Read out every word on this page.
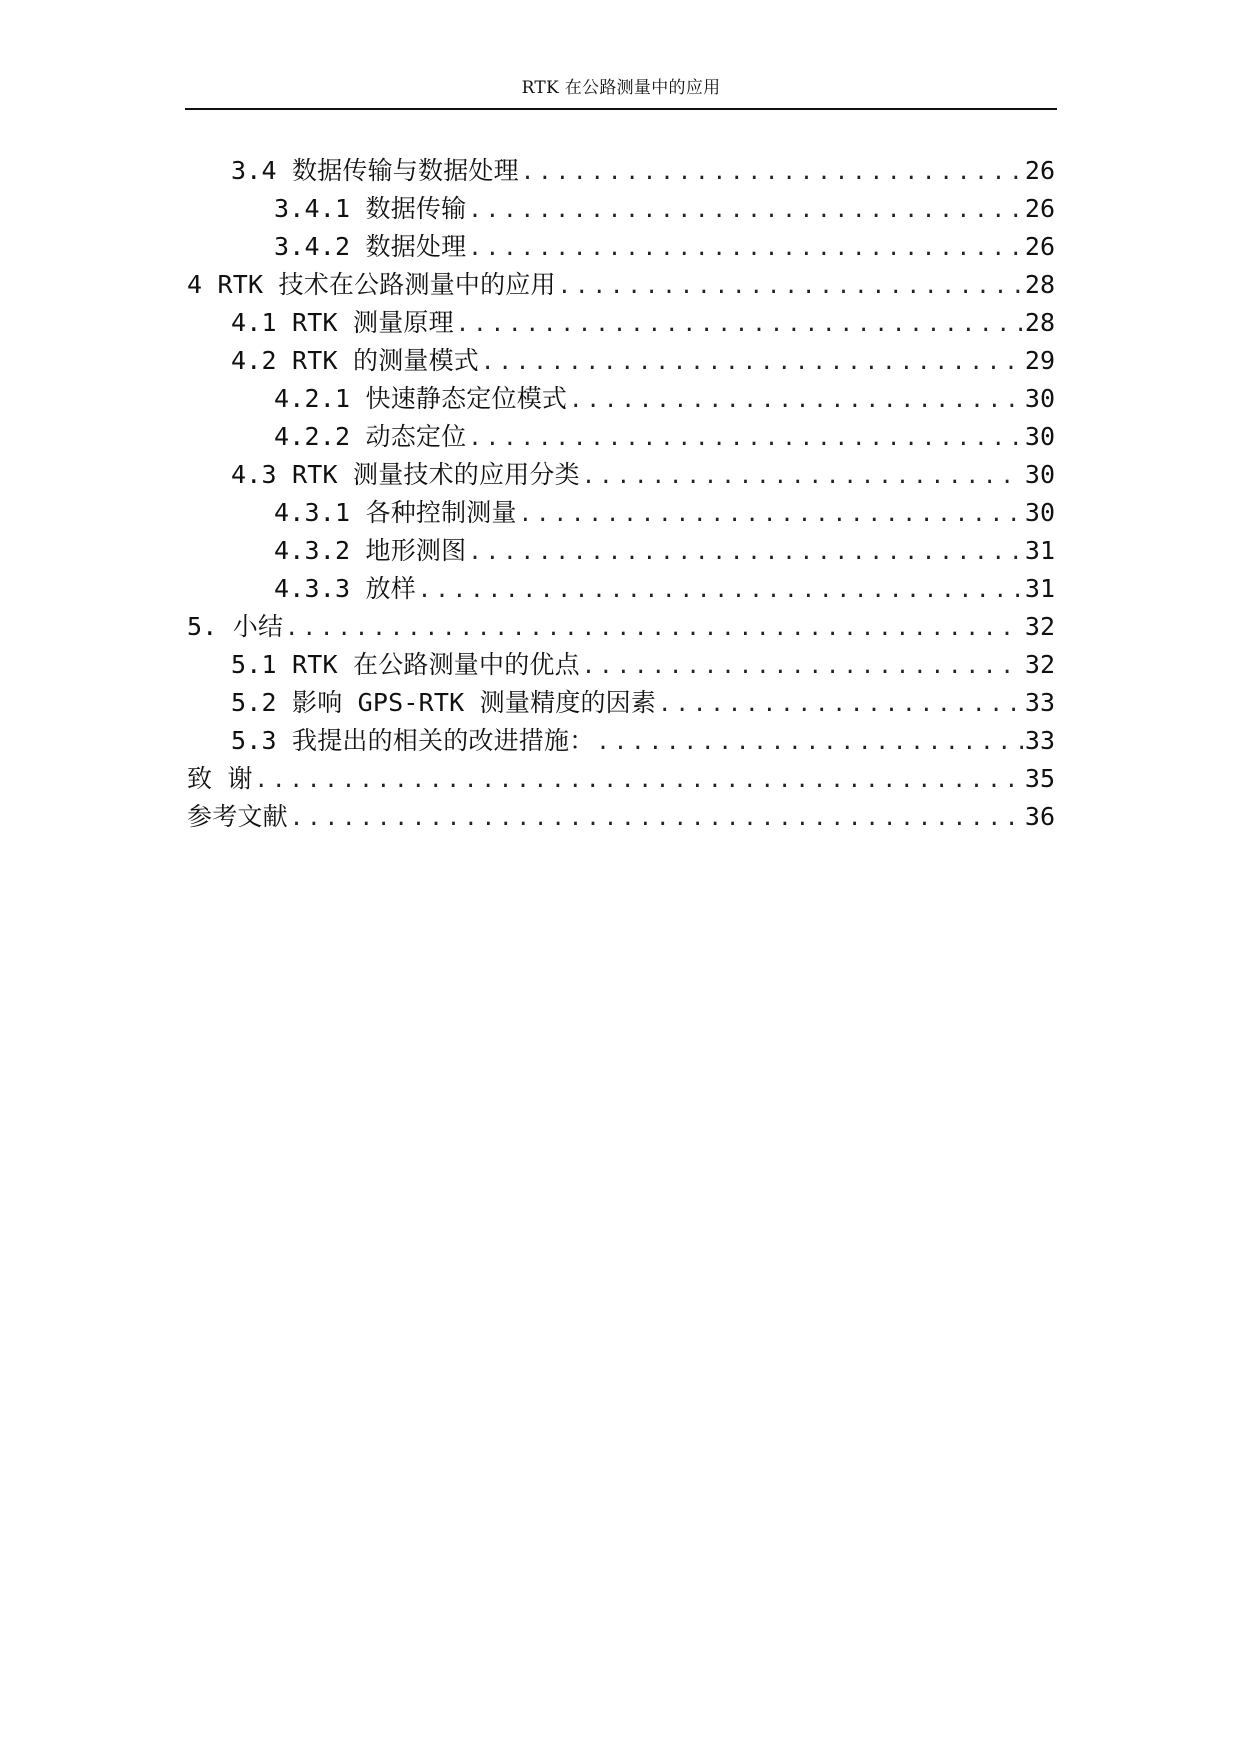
RTK 在公路测量中的应用
3.4 数据传输与数据处理 .....	26
3.4.1 数据传输 .....	26
3.4.2 数据处理 .....	26
4 RTK 技术在公路测量中的应用 .....	28
4.1 RTK 测量原理 .....	28
4.2 RTK 的测量模式 .....	29
4.2.1 快速静态定位模式 .....	30
4.2.2 动态定位 .....	30
4.3 RTK 测量技术的应用分类 .....	30
4.3.1 各种控制测量 .....	30
4.3.2 地形测图 .....	31
4.3.3 放样 .....	31
5. 小结 .....	32
5.1 RTK 在公路测量中的优点 .....	32
5.2 影响 GPS-RTK 测量精度的因素 .....	33
5.3 我提出的相关的改进措施： .....	33
致 谢 .....	35
参考文献 .....	36
